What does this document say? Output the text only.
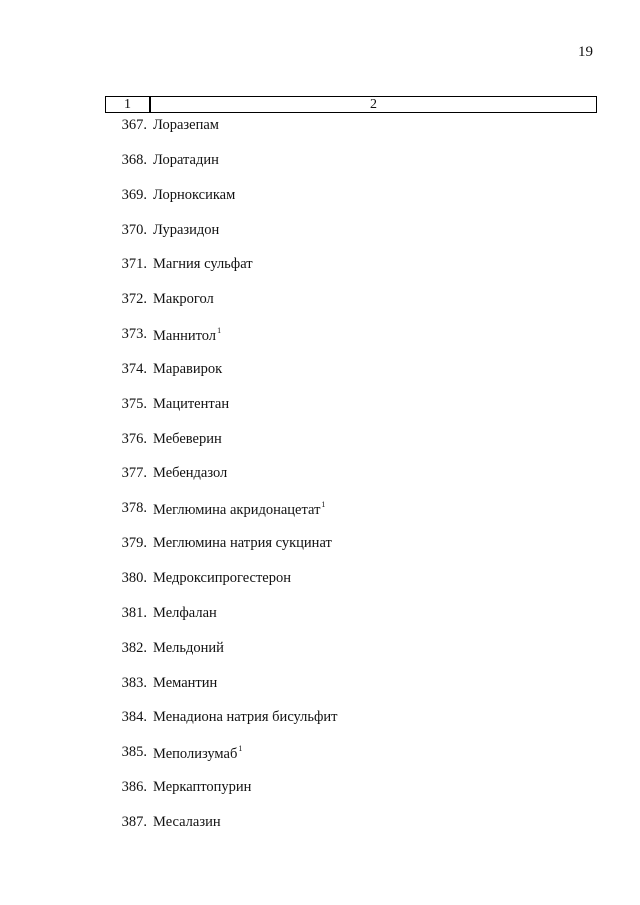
19
1	2
367. Лоразепам
368. Лоратадин
369. Лорноксикам
370. Луразидон
371. Магния сульфат
372. Макрогол
373. Маннитол$^1$
374. Маравирок
375. Мацитентан
376. Мебеверин
377. Мебендазол
378. Меглюмина акридонацетат$^1$
379. Меглюмина натрия сукцинат
380. Медроксипрогестерон
381. Мелфалан
382. Мельдоний
383. Мемантин
384. Менадиона натрия бисульфит
385. Меполизумаб$^1$
386. Меркаптопурин
387. Месалазин
